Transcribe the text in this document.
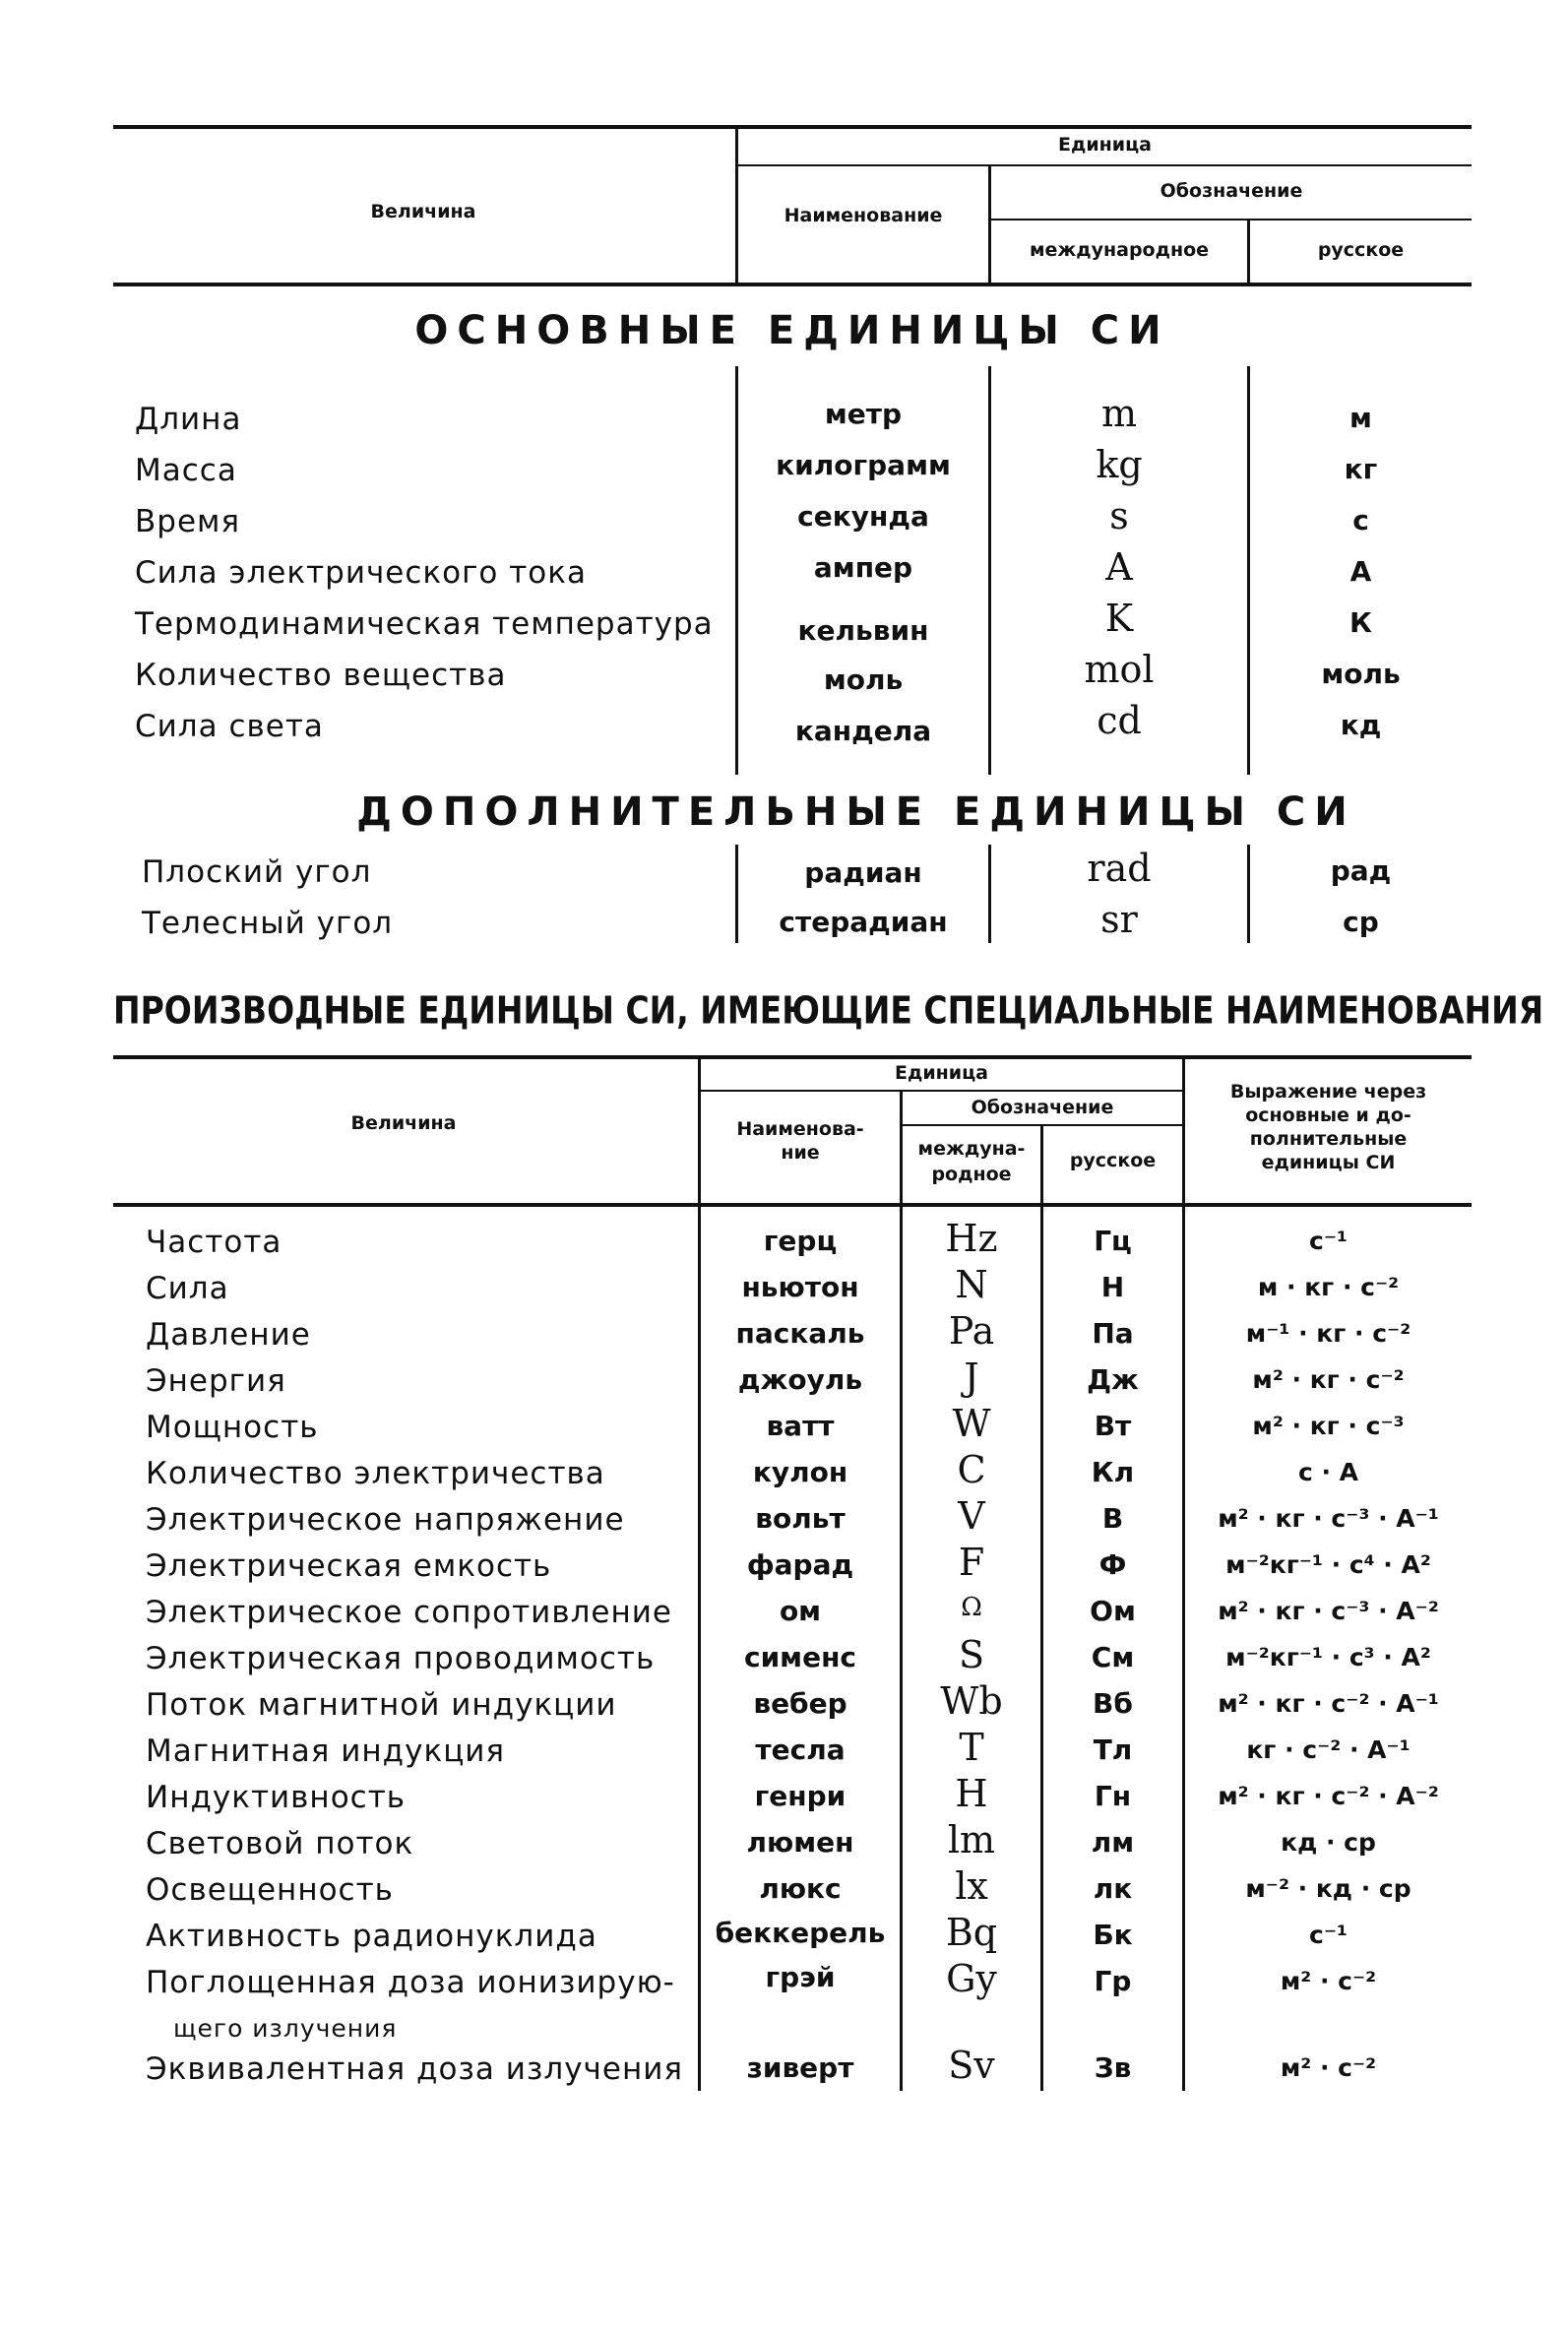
Величина
Единица
Наименование
Обозначение
международное	русское
ОСНОВНЫЕ ЕДИНИЦЫ СИ
Длина	метр	m	м
Масса	килограмм	kg	кг
Время	секунда	s	с
Сила электрического тока	ампер	A	А
Термодинамическая температура	кельвин	K	К
Количество вещества	моль	mol	моль
Сила света	кандела	cd	кд
ДОПОЛНИТЕЛЬНЫЕ ЕДИНИЦЫ СИ
Плоский угол	радиан	rad	рад
Телесный угол	стерадиан	sr	ср
ПРОИЗВОДНЫЕ ЕДИНИЦЫ СИ, ИМЕЮЩИЕ СПЕЦИАЛЬНЫЕ НАИМЕНОВАНИЯ
Величина
Единица
Наименова-
ние
Обозначение
междуна-
родное
русское
Выражение через
основные и до-
полнительные
единицы СИ
Частота	герц	Hz	Гц	с⁻¹
Сила	ньютон	N	Н	м · кг · с⁻²
Давление	паскаль	Pa	Па	м⁻¹ · кг · с⁻²
Энергия	джоуль	J	Дж	м² · кг · с⁻²
Мощность	ватт	W	Вт	м² · кг · с⁻³
Количество электричества	кулон	C	Кл	с · А
Электрическое напряжение	вольт	V	В	м² · кг · с⁻³ · А⁻¹
Электрическая емкость	фарад	F	Ф	м⁻²кг⁻¹ · с⁴ · А²
Электрическое сопротивление	ом	Ω	Ом	м² · кг · с⁻³ · А⁻²
Электрическая проводимость	сименс	S	См	м⁻²кг⁻¹ · с³ · А²
Поток магнитной индукции	вебер	Wb	Вб	м² · кг · с⁻² · А⁻¹
Магнитная индукция	тесла	T	Тл	кг · с⁻² · А⁻¹
Индуктивность	генри	H	Гн	м² · кг · с⁻² · А⁻²
Световой поток	люмен	lm	лм	кд · ср
Освещенность	люкс	lx	лк	м⁻² · кд · ср
Активность радионуклида	беккерель	Bq	Бк	с⁻¹
Поглощенная доза ионизирую-
щего излучения
грэй	Gy	Гр	м² · с⁻²
Эквивалентная доза излучения	зиверт	Sv	Зв	м² · с⁻²
